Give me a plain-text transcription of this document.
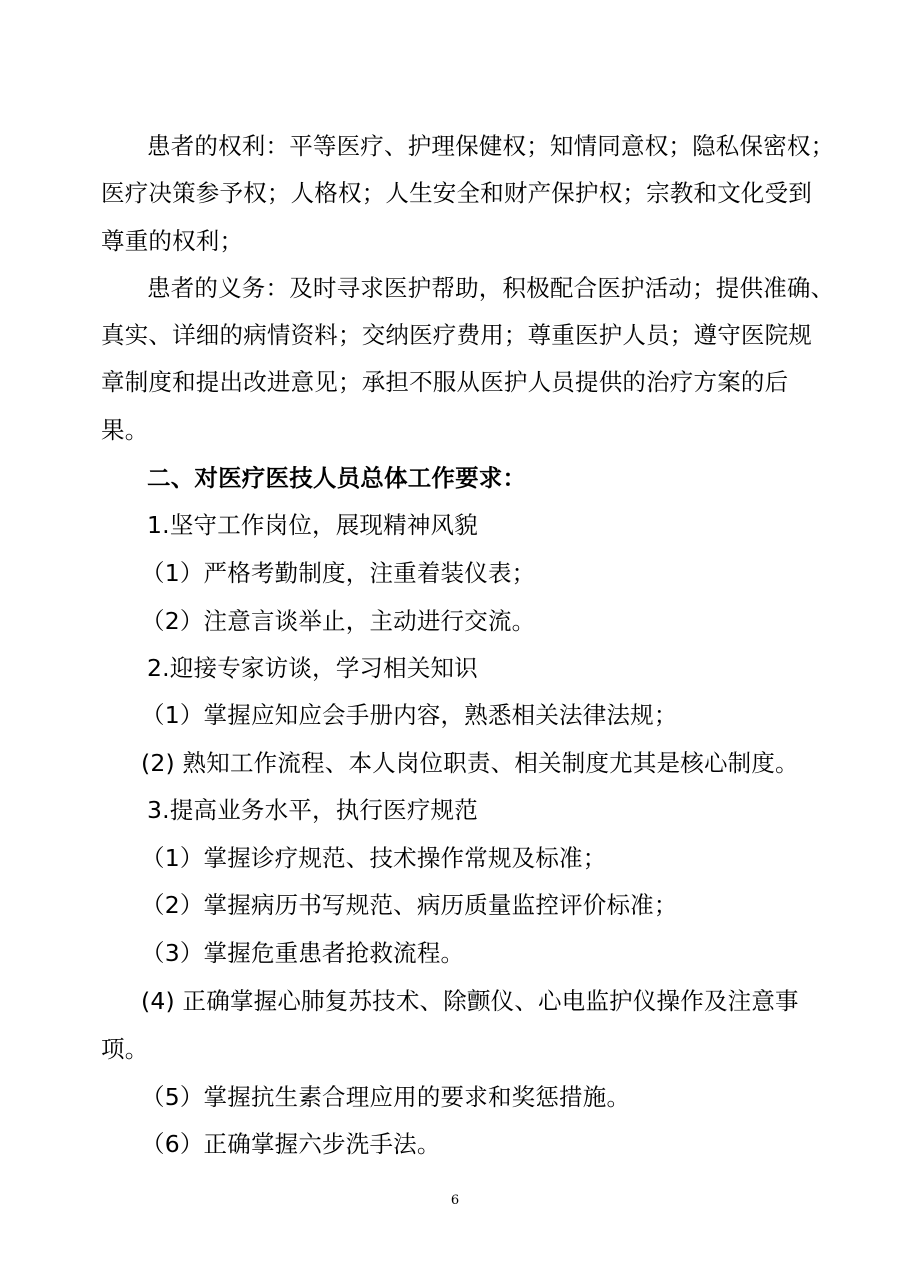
患者的权利：平等医疗、护理保健权；知情同意权；隐私保密权；
医疗决策参予权；人格权；人生安全和财产保护权；宗教和文化受到
尊重的权利；
患者的义务：及时寻求医护帮助，积极配合医护活动；提供准确、
真实、详细的病情资料；交纳医疗费用；尊重医护人员；遵守医院规
章制度和提出改进意见；承担不服从医护人员提供的治疗方案的后
果。
二、对医疗医技人员总体工作要求：
1.坚守工作岗位，展现精神风貌
（1）严格考勤制度，注重着装仪表；
（2）注意言谈举止，主动进行交流。
2.迎接专家访谈，学习相关知识
（1）掌握应知应会手册内容，熟悉相关法律法规；
(2) 熟知工作流程、本人岗位职责、相关制度尤其是核心制度。
3.提高业务水平，执行医疗规范
（1）掌握诊疗规范、技术操作常规及标准；
（2）掌握病历书写规范、病历质量监控评价标准；
（3）掌握危重患者抢救流程。
(4) 正确掌握心肺复苏技术、除颤仪、心电监护仪操作及注意事
项。
（5）掌握抗生素合理应用的要求和奖惩措施。
（6）正确掌握六步洗手法。
6
